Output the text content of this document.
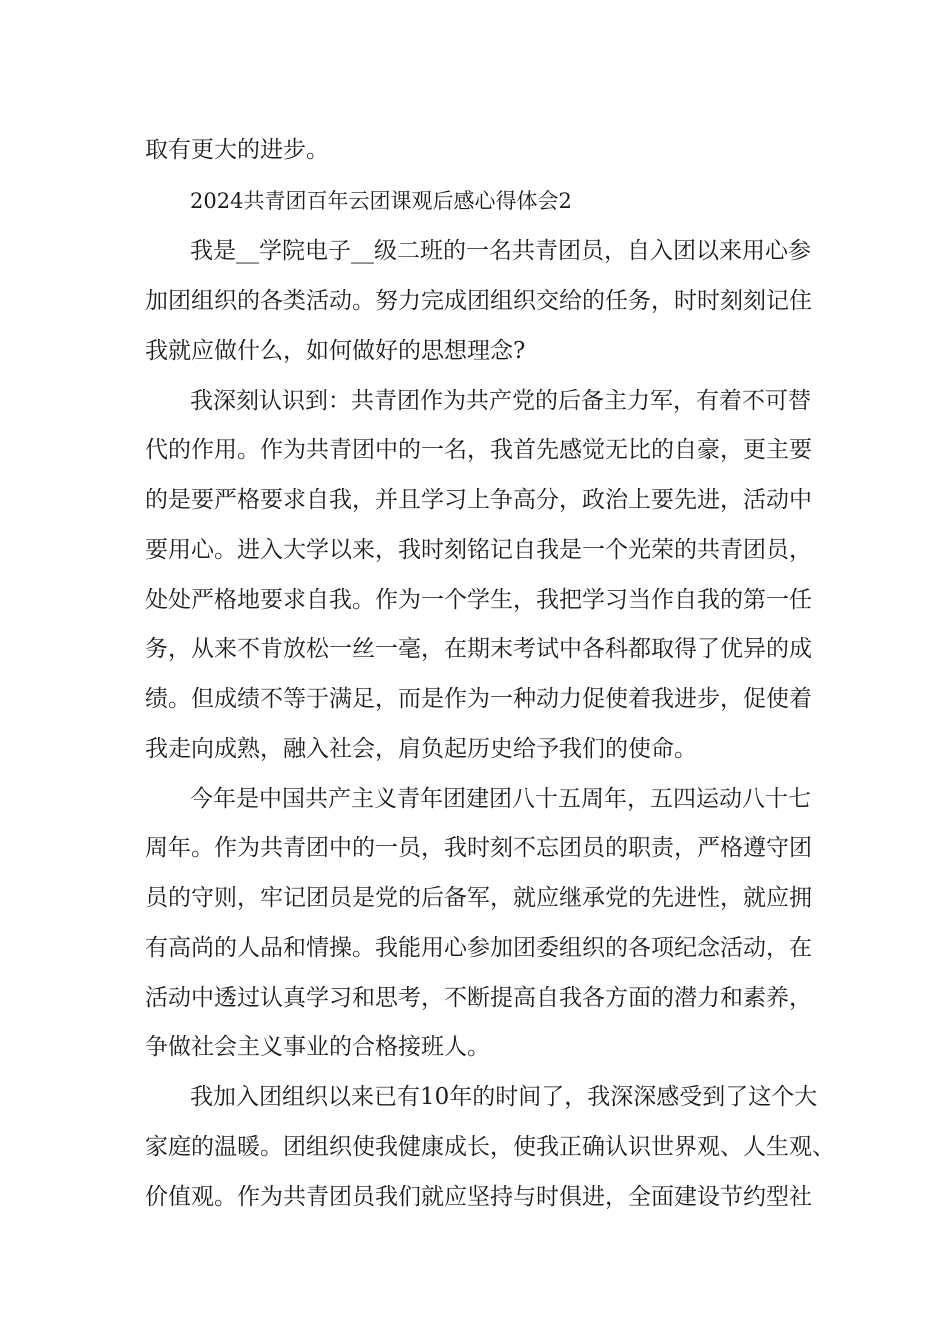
取有更大的进步。
2024共青团百年云团课观后感心得体会2
我是__学院电子__级二班的一名共青团员，自入团以来用心参
加团组织的各类活动。努力完成团组织交给的任务，时时刻刻记住
我就应做什么，如何做好的思想理念?
我深刻认识到：共青团作为共产党的后备主力军，有着不可替
代的作用。作为共青团中的一名，我首先感觉无比的自豪，更主要
的是要严格要求自我，并且学习上争高分，政治上要先进，活动中
要用心。进入大学以来，我时刻铭记自我是一个光荣的共青团员，
处处严格地要求自我。作为一个学生，我把学习当作自我的第一任
务，从来不肯放松一丝一毫，在期末考试中各科都取得了优异的成
绩。但成绩不等于满足，而是作为一种动力促使着我进步，促使着
我走向成熟，融入社会，肩负起历史给予我们的使命。
今年是中国共产主义青年团建团八十五周年，五四运动八十七
周年。作为共青团中的一员，我时刻不忘团员的职责，严格遵守团
员的守则，牢记团员是党的后备军，就应继承党的先进性，就应拥
有高尚的人品和情操。我能用心参加团委组织的各项纪念活动，在
活动中透过认真学习和思考，不断提高自我各方面的潜力和素养，
争做社会主义事业的合格接班人。
我加入团组织以来已有10年的时间了，我深深感受到了这个大
家庭的温暖。团组织使我健康成长，使我正确认识世界观、人生观、
价值观。作为共青团员我们就应坚持与时俱进，全面建设节约型社
